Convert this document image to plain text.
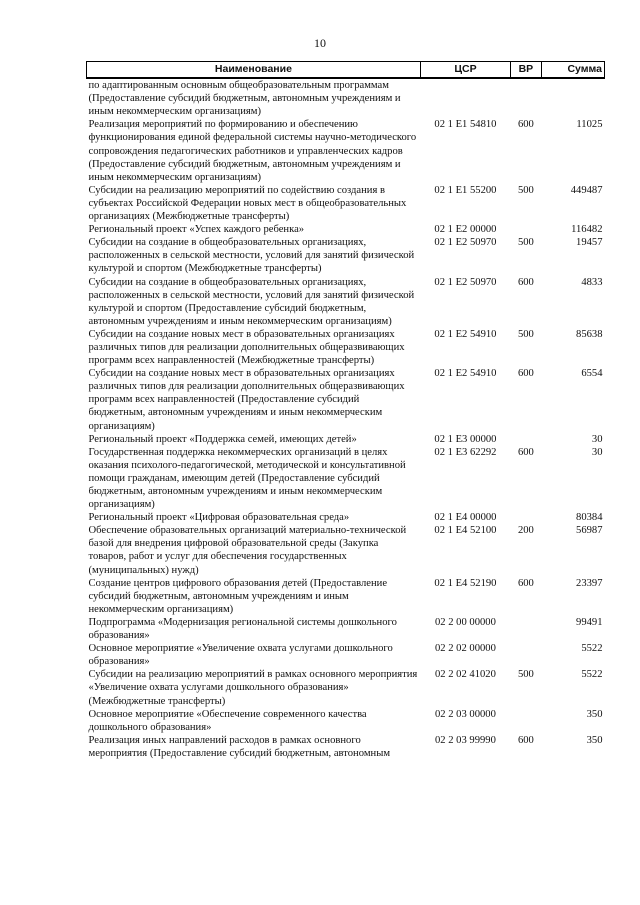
10
Наименование	ЦСР	ВР	Сумма
по адаптированным основным общеобразовательным программам (Предоставление субсидий бюджетным, автономным учреждениям и иным некоммерческим организациям)			
Реализация мероприятий по формированию и обеспечению функционирования единой федеральной системы научно-методического сопровождения педагогических работников и управленческих кадров (Предоставление субсидий бюджетным, автономным учреждениям и иным некоммерческим организациям)	02 1 E1 54810	600	11025
Субсидии на реализацию мероприятий по содействию создания в субъектах Российской Федерации новых мест в общеобразовательных организациях (Межбюджетные трансферты)	02 1 E1 55200	500	449487
Региональный проект «Успех каждого ребенка»	02 1 E2 00000		116482
Субсидии на создание в общеобразовательных организациях, расположенных в сельской местности, условий для занятий физической культурой и спортом (Межбюджетные трансферты)	02 1 E2 50970	500	19457
Субсидии на создание в общеобразовательных организациях, расположенных в сельской местности, условий для занятий физической культурой и спортом (Предоставление субсидий бюджетным, автономным учреждениям и иным некоммерческим организациям)	02 1 E2 50970	600	4833
Субсидии на создание новых мест в образовательных организациях различных типов для реализации дополнительных общеразвивающих программ всех направленностей (Межбюджетные трансферты)	02 1 E2 54910	500	85638
Субсидии на создание новых мест в образовательных организациях различных типов для реализации дополнительных общеразвивающих программ всех направленностей (Предоставление субсидий бюджетным, автономным учреждениям и иным некоммерческим организациям)	02 1 E2 54910	600	6554
Региональный проект «Поддержка семей, имеющих детей»	02 1 E3 00000		30
Государственная поддержка некоммерческих организаций в целях оказания психолого-педагогической, методической и консультативной помощи гражданам, имеющим детей (Предоставление субсидий бюджетным, автономным учреждениям и иным некоммерческим организациям)	02 1 E3 62292	600	30
Региональный проект «Цифровая образовательная среда»	02 1 E4 00000		80384
Обеспечение образовательных организаций материально-технической базой для внедрения цифровой образовательной среды (Закупка товаров, работ и услуг для обеспечения государственных (муниципальных) нужд)	02 1 E4 52100	200	56987
Создание центров цифрового образования детей (Предоставление субсидий бюджетным, автономным учреждениям и иным некоммерческим организациям)	02 1 E4 52190	600	23397
Подпрограмма «Модернизация региональной системы дошкольного образования»	02 2 00 00000		99491
Основное мероприятие «Увеличение охвата услугами дошкольного образования»	02 2 02 00000		5522
Субсидии на реализацию мероприятий в рамках основного мероприятия «Увеличение охвата услугами дошкольного образования» (Межбюджетные трансферты)	02 2 02 41020	500	5522
Основное мероприятие «Обеспечение современного качества дошкольного образования»	02 2 03 00000		350
Реализация иных направлений расходов в рамках основного мероприятия (Предоставление субсидий бюджетным, автономным	02 2 03 99990	600	350
